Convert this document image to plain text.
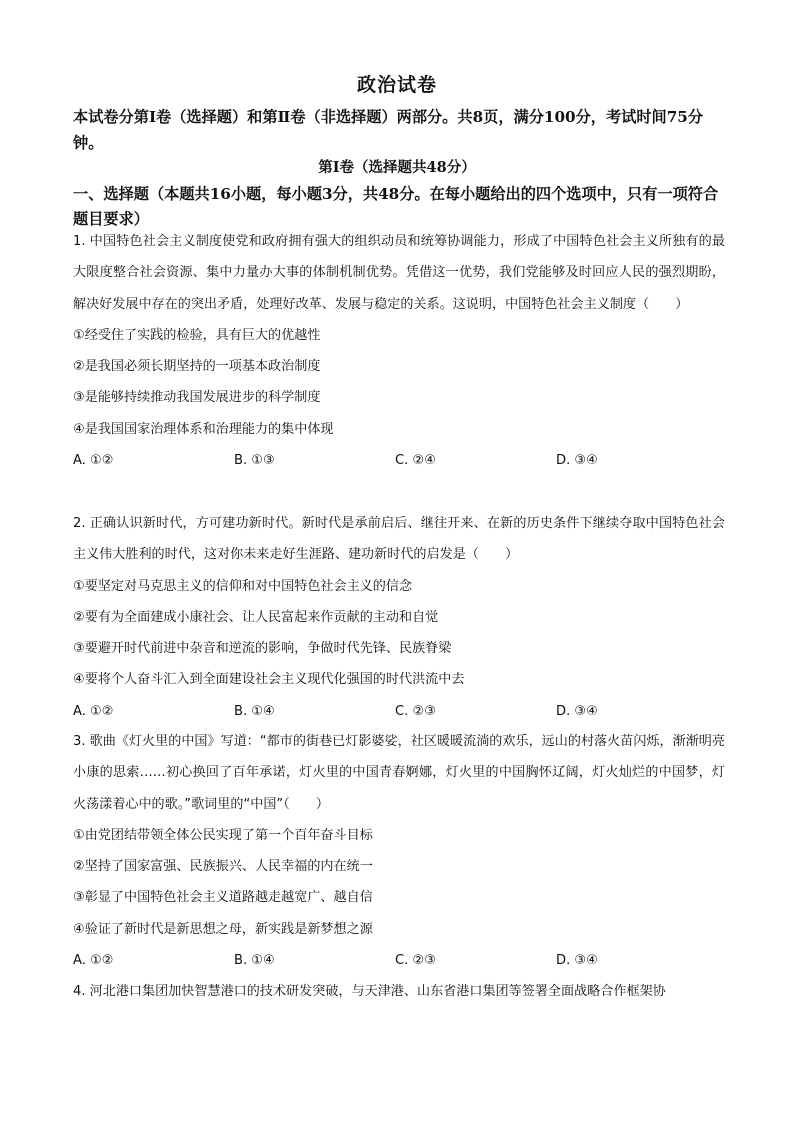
政治试卷
本试卷分第Ⅰ卷（选择题）和第Ⅱ卷（非选择题）两部分。共8页，满分100分，考试时间75分钟。
第Ⅰ卷（选择题共48分）
一、选择题（本题共16小题，每小题3分，共48分。在每小题给出的四个选项中，只有一项符合题目要求）
1. 中国特色社会主义制度使党和政府拥有强大的组织动员和统筹协调能力，形成了中国特色社会主义所独有的最大限度整合社会资源、集中力量办大事的体制机制优势。凭借这一优势，我们党能够及时回应人民的强烈期盼，解决好发展中存在的突出矛盾，处理好改革、发展与稳定的关系。这说明，中国特色社会主义制度（　　）
①经受住了实践的检验，具有巨大的优越性
②是我国必须长期坚持的一项基本政治制度
③是能够持续推动我国发展进步的科学制度
④是我国国家治理体系和治理能力的集中体现
A. ①②	B. ①③	C. ②④	D. ③④
2. 正确认识新时代，方可建功新时代。新时代是承前启后、继往开来、在新的历史条件下继续夺取中国特色社会主义伟大胜利的时代，这对你未来走好生涯路、建功新时代的启发是（　　）
①要坚定对马克思主义的信仰和对中国特色社会主义的信念
②要有为全面建成小康社会、让人民富起来作贡献的主动和自觉
③要避开时代前进中杂音和逆流的影响，争做时代先锋、民族脊梁
④要将个人奋斗汇入到全面建设社会主义现代化强国的时代洪流中去
A. ①②	B. ①④	C. ②③	D. ③④
3. 歌曲《灯火里的中国》写道：“都市的街巷已灯影婆娑，社区暖暖流淌的欢乐，远山的村落火苗闪烁，渐渐明亮小康的思索……初心换回了百年承诺，灯火里的中国青春婀娜，灯火里的中国胸怀辽阔，灯火灿烂的中国梦，灯火荡漾着心中的歌。”歌词里的“中国”（　　）
①由党团结带领全体公民实现了第一个百年奋斗目标
②坚持了国家富强、民族振兴、人民幸福的内在统一
③彰显了中国特色社会主义道路越走越宽广、越自信
④验证了新时代是新思想之母，新实践是新梦想之源
A. ①②	B. ①④	C. ②③	D. ③④
4. 河北港口集团加快智慧港口的技术研发突破，与天津港、山东省港口集团等签署全面战略合作框架协
